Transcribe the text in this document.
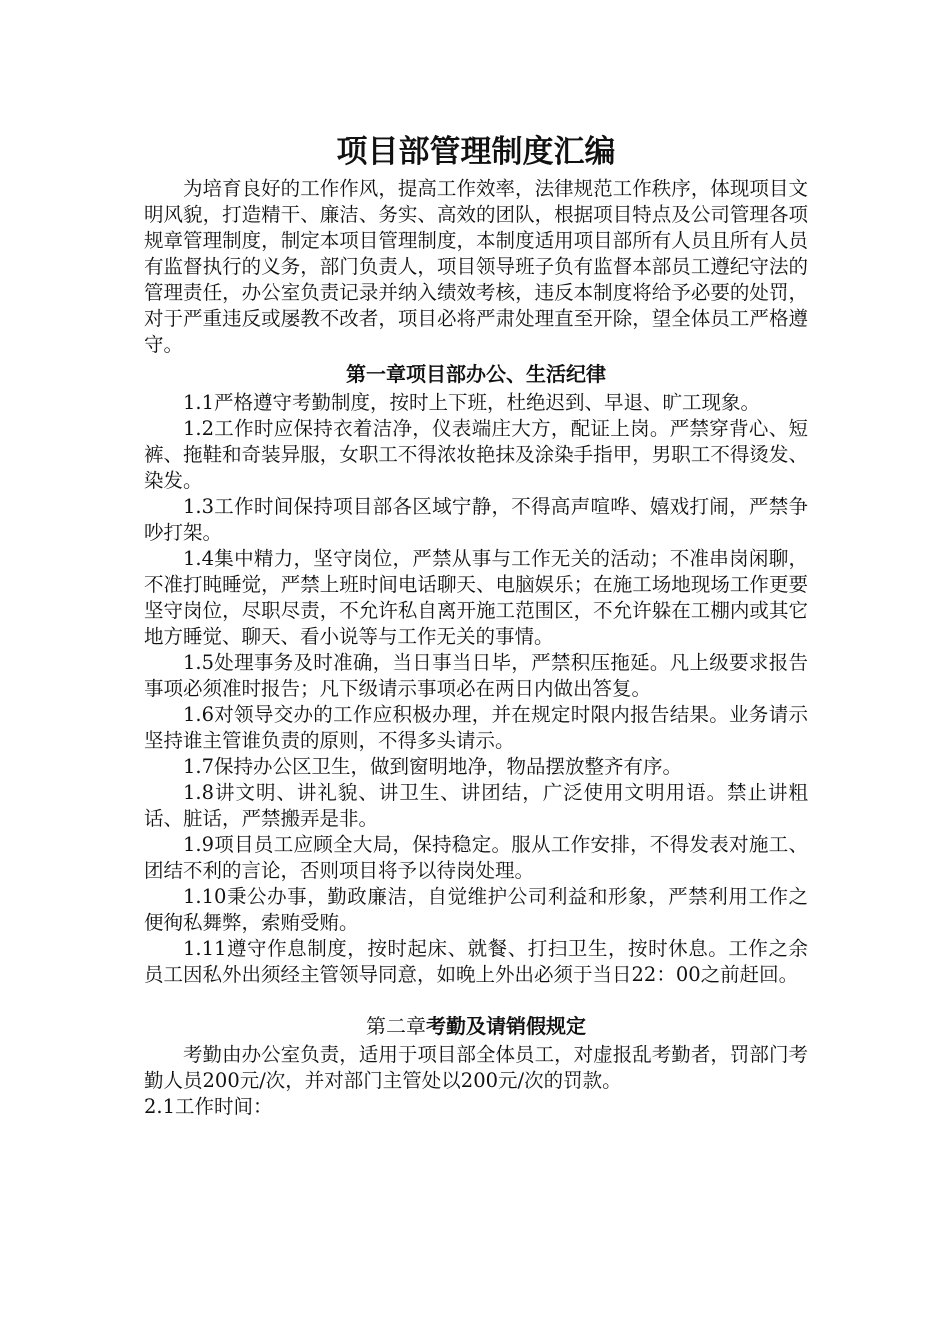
项目部管理制度汇编

为培育良好的工作作风，提高工作效率，法律规范工作秩序，体现项目文明风貌，打造精干、廉洁、务实、高效的团队，根据项目特点及公司管理各项规章管理制度，制定本项目管理制度，本制度适用项目部所有人员且所有人员有监督执行的义务，部门负责人，项目领导班子负有监督本部员工遵纪守法的管理责任，办公室负责记录并纳入绩效考核，违反本制度将给予必要的处罚，对于严重违反或屡教不改者，项目必将严肃处理直至开除，望全体员工严格遵守。

第一章项目部办公、生活纪律

1.1严格遵守考勤制度，按时上下班，杜绝迟到、早退、旷工现象。

1.2工作时应保持衣着洁净，仪表端庄大方，配证上岗。严禁穿背心、短裤、拖鞋和奇装异服，女职工不得浓妆艳抹及涂染手指甲，男职工不得烫发、染发。

1.3工作时间保持项目部各区域宁静，不得高声喧哗、嬉戏打闹，严禁争吵打架。

1.4集中精力，坚守岗位，严禁从事与工作无关的活动；不准串岗闲聊，不准打盹睡觉，严禁上班时间电话聊天、电脑娱乐；在施工场地现场工作更要坚守岗位，尽职尽责，不允许私自离开施工范围区，不允许躲在工棚内或其它地方睡觉、聊天、看小说等与工作无关的事情。

1.5处理事务及时准确，当日事当日毕，严禁积压拖延。凡上级要求报告事项必须准时报告；凡下级请示事项必在两日内做出答复。

1.6对领导交办的工作应积极办理，并在规定时限内报告结果。业务请示坚持谁主管谁负责的原则，不得多头请示。

1.7保持办公区卫生，做到窗明地净，物品摆放整齐有序。

1.8讲文明、讲礼貌、讲卫生、讲团结，广泛使用文明用语。禁止讲粗话、脏话，严禁搬弄是非。

1.9项目员工应顾全大局，保持稳定。服从工作安排，不得发表对施工、团结不利的言论，否则项目将予以待岗处理。

1.10秉公办事，勤政廉洁，自觉维护公司利益和形象，严禁利用工作之便徇私舞弊，索贿受贿。

1.11遵守作息制度，按时起床、就餐、打扫卫生，按时休息。工作之余员工因私外出须经主管领导同意，如晚上外出必须于当日22：00之前赶回。

第二章考勤及请销假规定

考勤由办公室负责，适用于项目部全体员工，对虚报乱考勤者，罚部门考勤人员200元/次，并对部门主管处以200元/次的罚款。

2.1工作时间：
